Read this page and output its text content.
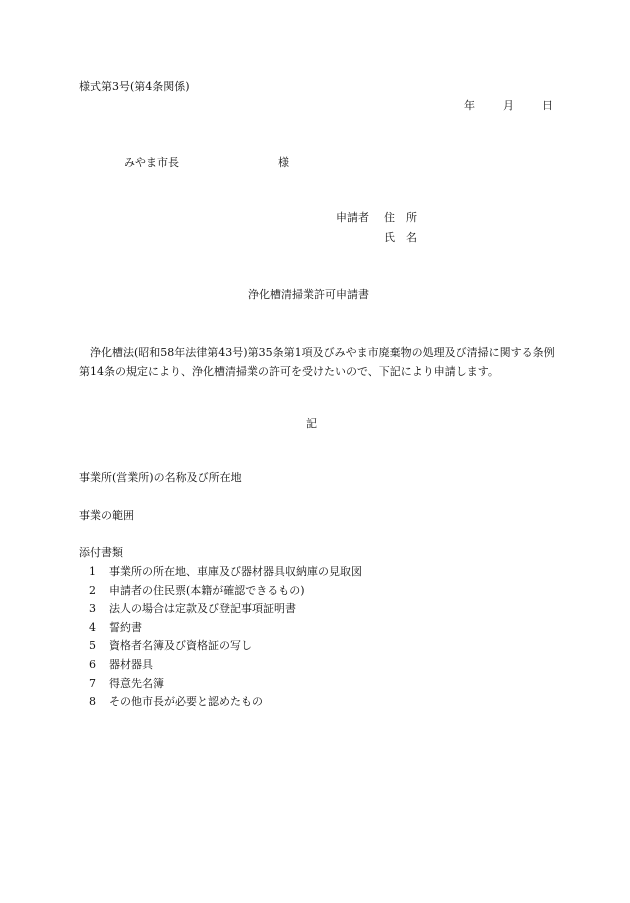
様式第3号(第4条関係)
年	月	日
みやま市長	様
申請者 住　所
氏　名
浄化槽清掃業許可申請書

浄化槽法(昭和58年法律第43号)第35条第1項及びみやま市廃棄物の処理及び清掃に関する条例第14条の規定により、浄化槽清掃業の許可を受けたいので、下記により申請します。

記
事業所(営業所)の名称及び所在地
事業の範囲
添付書類
1 事業所の所在地、車庫及び器材器具収納庫の見取図
2 申請者の住民票(本籍が確認できるもの)
3 法人の場合は定款及び登記事項証明書
4 誓約書
5 資格者名簿及び資格証の写し
6 器材器具
7 得意先名簿
8 その他市長が必要と認めたもの
